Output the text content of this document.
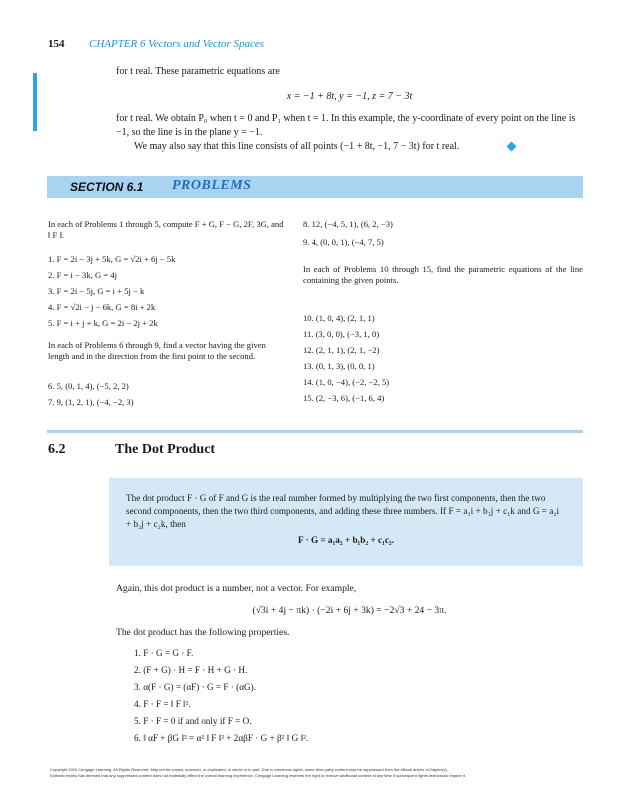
154 CHAPTER 6 Vectors and Vector Spaces
for t real. These parametric equations are
x = −1 + 8t, y = −1, z = 7 − 3t
for t real. We obtain P₀ when t = 0 and P₁ when t = 1. In this example, the y-coordinate of every point on the line is −1, so the line is in the plane y = −1.
We may also say that this line consists of all points (−1 + 8t, −1, 7 − 3t) for t real.
SECTION 6.1 PROBLEMS
In each of Problems 1 through 5, compute F + G, F − G, 2F, 3G, and ‖ F ‖.
1. F = 2i − 3j + 5k, G = √2i + 6j − 5k
2. F = i − 3k, G = 4j
3. F = 2i − 5j, G = i + 5j − k
4. F = √2i − j − 6k, G = 8i + 2k
5. F = i + j + k, G = 2i − 2j + 2k
In each of Problems 6 through 9, find a vector having the given length and in the direction from the first point to the second.
6. 5, (0, 1, 4), (−5, 2, 2)
7. 9, (1, 2, 1), (−4, −2, 3)
8. 12, (−4, 5, 1), (6, 2, −3)
9. 4, (0, 0, 1), (−4, 7, 5)
In each of Problems 10 through 15, find the parametric equations of the line containing the given points.
10. (1, 0, 4), (2, 1, 1)
11. (3, 0, 0), (−3, 1, 0)
12. (2, 1, 1), (2, 1, −2)
13. (0, 1, 3), (0, 0, 1)
14. (1, 0, −4), (−2, −2, 5)
15. (2, −3, 6), (−1, 6, 4)
6.2	The Dot Product
The dot product F · G of F and G is the real number formed by multiplying the two first components, then the two second components, then the two third components, and adding these three numbers. If F = a₁i + b₁j + c₁k and G = a₂i + b₂j + c₂k, then
F · G = a₁a₂ + b₁b₂ + c₁c₂.
Again, this dot product is a number, not a vector. For example,
(√3i + 4j − πk) · (−2i + 6j + 3k) = −2√3 + 24 − 3π.
The dot product has the following properties.
1. F · G = G · F.
2. (F + G) · H = F · H + G · H.
3. α(F · G) = (αF) · G = F · (αG).
4. F · F = ‖ F ‖².
5. F · F = 0 if and only if F = O.
6. ‖ αF + βG ‖² = α² ‖ F ‖² + 2αβF · G + β² ‖ G ‖².
Copyright 2010 Cengage Learning. All Rights Reserved. May not be copied, scanned, or duplicated, in whole or in part. Due to electronic rights, some third party content may be suppressed from the eBook and/or eChapter(s).
Editorial review has deemed that any suppressed content does not materially affect the overall learning experience. Cengage Learning reserves the right to remove additional content at any time if subsequent rights restrictions require it.
